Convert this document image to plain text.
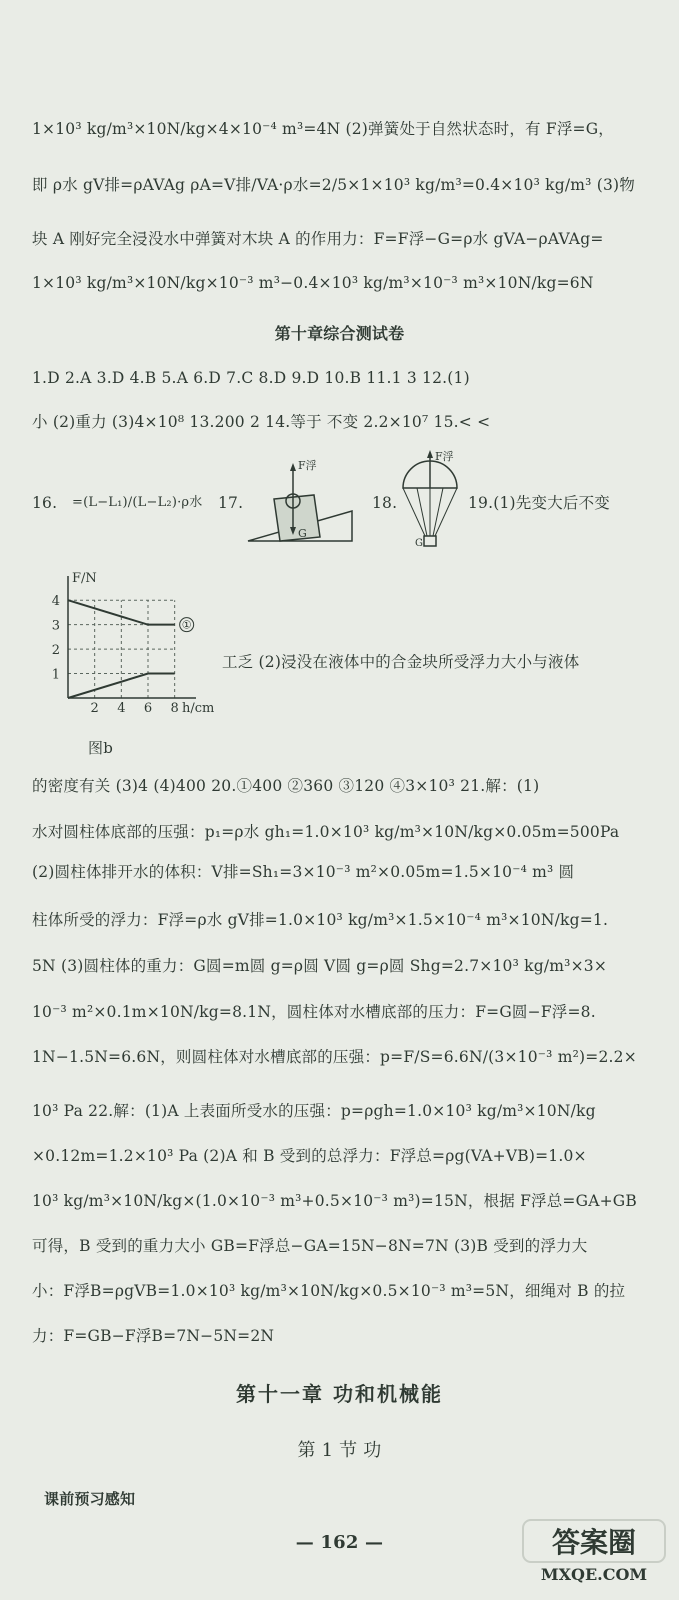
1×10³ kg/m³×10N/kg×4×10⁻⁴ m³=4N (2)弹簧处于自然状态时，有 F浮=G，
即 ρ水 gV排=ρAVAg ρA=V排/VA·ρ水=2/5×1×10³ kg/m³=0.4×10³ kg/m³ (3)物
块 A 刚好完全浸没水中弹簧对木块 A 的作用力：F=F浮−G=ρ水 gVA−ρAVAg=
1×10³ kg/m³×10N/kg×10⁻³ m³−0.4×10³ kg/m³×10⁻³ m³×10N/kg=6N
第十章综合测试卷
1.D 2.A 3.D 4.B 5.A 6.D 7.C 8.D 9.D 10.B 11.1 3 12.(1)
小 (2)重力 (3)4×10⁸ 13.200 2 14.等于 不变 2.2×10⁷ 15.< <
16.	=(L−L₁)/(L−L₂)·ρ水	17.	18.	19.(1)先变大后不变
F浮
G
F浮
G
①
2 4 6 8
1
2
3
4
h/cm
F/N
图b
工乏 (2)浸没在液体中的合金块所受浮力大小与液体
的密度有关 (3)4 (4)400 20.①400 ②360 ③120 ④3×10³ 21.解：(1)
水对圆柱体底部的压强：p₁=ρ水 gh₁=1.0×10³ kg/m³×10N/kg×0.05m=500Pa
(2)圆柱体排开水的体积：V排=Sh₁=3×10⁻³ m²×0.05m=1.5×10⁻⁴ m³ 圆
柱体所受的浮力：F浮=ρ水 gV排=1.0×10³ kg/m³×1.5×10⁻⁴ m³×10N/kg=1.
5N (3)圆柱体的重力：G圆=m圆 g=ρ圆 V圆 g=ρ圆 Shg=2.7×10³ kg/m³×3×
10⁻³ m²×0.1m×10N/kg=8.1N，圆柱体对水槽底部的压力：F=G圆−F浮=8.
1N−1.5N=6.6N，则圆柱体对水槽底部的压强：p=F/S=6.6N/(3×10⁻³ m²)=2.2×
10³ Pa 22.解：(1)A 上表面所受水的压强：p=ρgh=1.0×10³ kg/m³×10N/kg
×0.12m=1.2×10³ Pa (2)A 和 B 受到的总浮力：F浮总=ρg(VA+VB)=1.0×
10³ kg/m³×10N/kg×(1.0×10⁻³ m³+0.5×10⁻³ m³)=15N，根据 F浮总=GA+GB
可得，B 受到的重力大小 GB=F浮总−GA=15N−8N=7N (3)B 受到的浮力大
小：F浮B=ρgVB=1.0×10³ kg/m³×10N/kg×0.5×10⁻³ m³=5N，细绳对 B 的拉
力：F=GB−F浮B=7N−5N=2N
第十一章 功和机械能
第 1 节 功
课前预习感知
— 162 —	答案圈
MXQE.COM
